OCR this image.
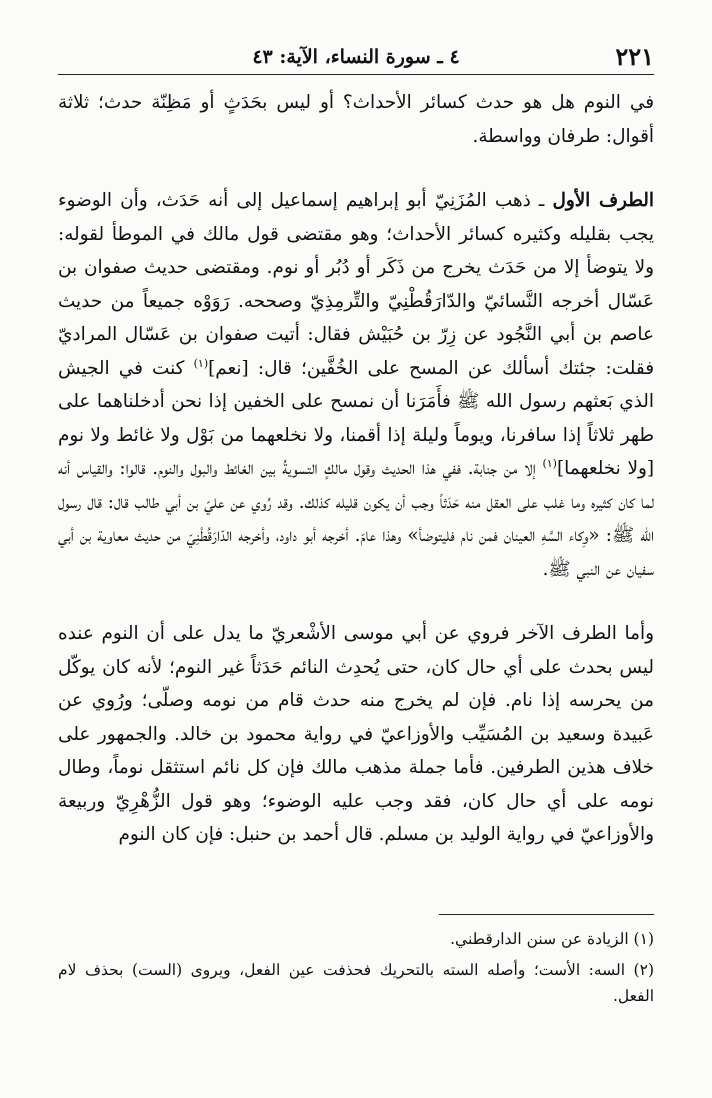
٢٢١
٤ ـ سورة النساء، الآية: ٤٣

في النوم هل هو حدث كسائر الأحداث؟ أو ليس بحَدَثٍ أو مَظِنّة حدث؛ ثلاثة أقوال: طرفان وواسطة.

الطرف الأول ـ ذهب المُزَنِيّ أبو إبراهيم إسماعيل إلى أنه حَدَث، وأن الوضوء يجب بقليله وكثيره كسائر الأحداث؛ وهو مقتضى قول مالك في الموطأ لقوله: ولا يتوضأ إلا من حَدَث يخرج من ذَكَر أو دُبُر أو نوم. ومقتضى حديث صفوان بن عَسّال أخرجه النَّسائيّ والدّارَقُطْنِيّ والتِّرمِذِيّ وصححه. رَوَوْه جميعاً من حديث عاصم بن أبي النَّجُود عن زِرّ بن حُبَيْش فقال: أتيت صفوان بن عَسّال المراديّ فقلت: جئتك أسألك عن المسح على الخُفَّين؛ قال: [نعم]$^{(١)}$ كنت في الجيش الذي بَعثهم رسول الله ﷺ فأَمَرَنا أن نمسح على الخفين إذا نحن أدخلناهما على طهر ثلاثاً إذا سافرنا، ويوماً وليلة إذا أقمنا، ولا نخلعهما من بَوْل ولا غائط ولا نوم [ولا نخلعهما]$^{(١)}$ إلا من جنابة. ففي هذا الحديث وقول مالكٍ التسويةُ بين الغائط والبول والنوم. قالوا: والقياس أنه لما كان كثيره وما غلب على العقل منه حَدَثاً وجب أن يكون قليله كذلك. وقد رُوي عن عليّ بن أبي طالب قال: قال رسول الله ﷺ: «وِكاء السَّهِ العينان فمن نام فليتوضأ» وهذا عامّ. أخرجه أبو داود، وأخرجه الدّارَقُطْنِيّ من حديث معاوية بن أبي سفيان عن النبي ﷺ.

وأما الطرف الآخر فروي عن أبي موسى الأشْعريّ ما يدل على أن النوم عنده ليس بحدث على أي حال كان، حتى يُحدِث النائم حَدَثاً غير النوم؛ لأنه كان يوكّل من يحرسه إذا نام. فإن لم يخرج منه حدث قام من نومه وصلّى؛ ورُوي عن عَبيدة وسعيد بن المُسَيِّب والأوزاعيّ في رواية محمود بن خالد. والجمهور على خلاف هذين الطرفين. فأما جملة مذهب مالك فإن كل نائم استثقل نوماً، وطال نومه على أي حال كان، فقد وجب عليه الوضوء؛ وهو قول الزُّهْرِيّ وربيعة والأوزاعيّ في رواية الوليد بن مسلم. قال أحمد بن حنبل: فإن كان النوم

(١) الزيادة عن سنن الدارقطني.

(٢) السه: الأست؛ وأصله السته بالتحريك فحذفت عين الفعل، ويروى (الست) بحذف لام الفعل.
